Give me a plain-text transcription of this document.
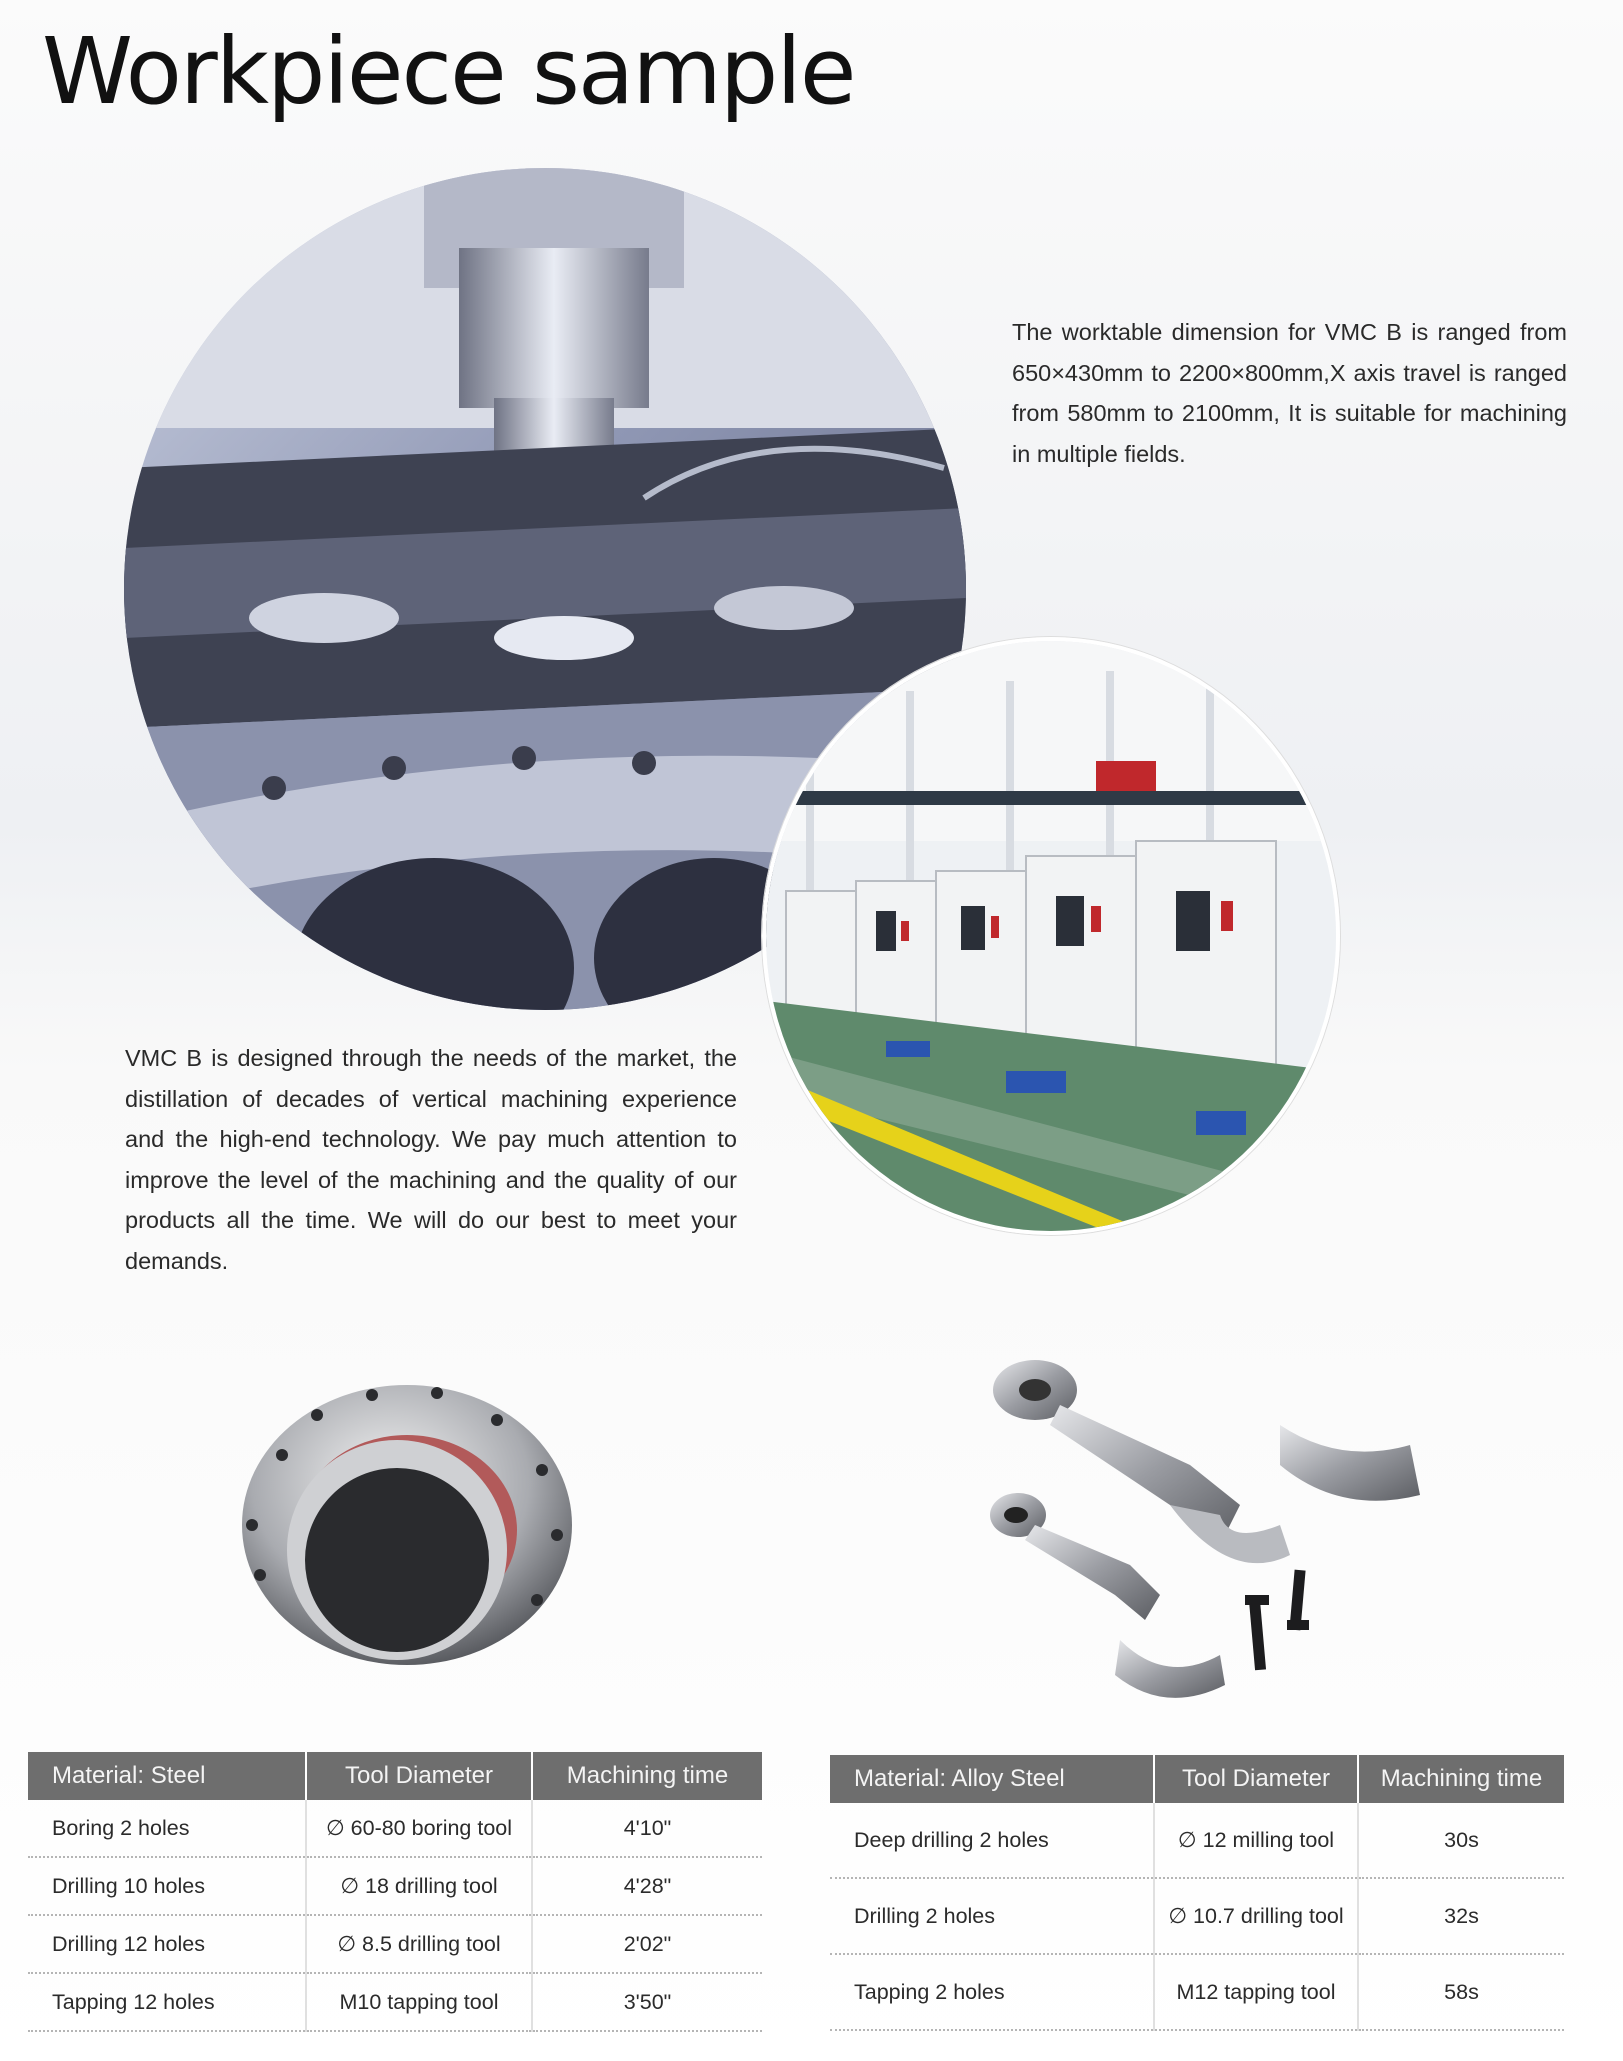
Workpiece sample

The worktable dimension for VMC B is ranged from 650×430mm to 2200×800mm,X axis travel is ranged from 580mm to 2100mm, It is suitable for machining in multiple fields.

VMC B is designed through the needs of the market, the distillation of decades of vertical machining experience and the high-end technology. We pay much attention to improve the level of the machining and the quality of our products all the time. We will do our best to meet your demands.

Material: Steel	Tool Diameter	Machining time
Boring 2 holes	∅ 60-80 boring tool	4'10"
Drilling 10 holes	∅ 18 drilling tool	4'28"
Drilling 12 holes	∅ 8.5 drilling tool	2'02"
Tapping 12 holes	M10 tapping tool	3'50"
Material: Alloy Steel	Tool Diameter	Machining time
Deep drilling 2 holes	∅ 12 milling tool	30s
Drilling 2 holes	∅ 10.7 drilling tool	32s
Tapping 2 holes	M12 tapping tool	58s
